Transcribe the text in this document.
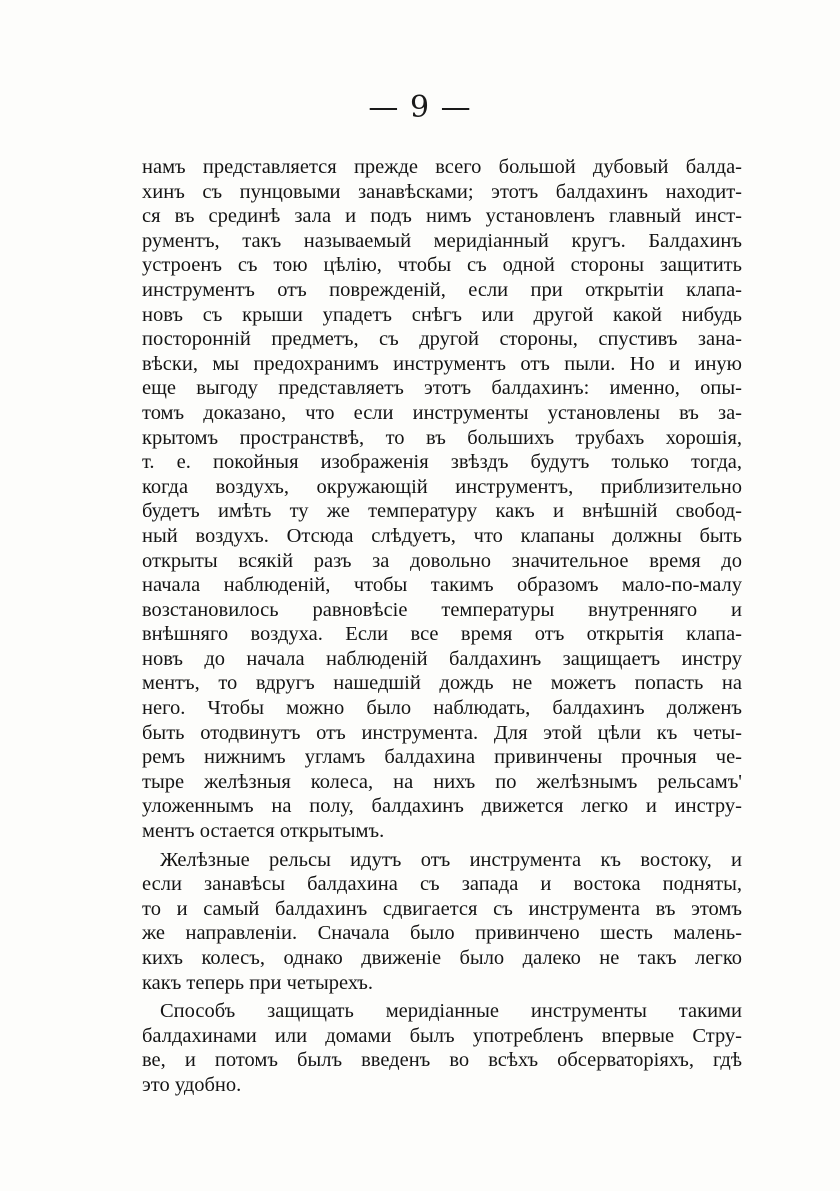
— 9 —
намъ представляется прежде всего большой дубовый балда-
хинъ съ пунцовыми занавѣсками; этотъ балдахинъ находит-
ся въ срединѣ зала и подъ нимъ установленъ главный инст-
рументъ, такъ называемый меридіанный кругъ. Балдахинъ
устроенъ съ тою цѣлію, чтобы съ одной стороны защитить
инструментъ отъ поврежденій, если при открытіи клапа-
новъ съ крыши упадетъ снѣгъ или другой какой нибудь
посторонній предметъ, съ другой стороны, спустивъ зана-
вѣски, мы предохранимъ инструментъ отъ пыли. Но и иную
еще выгоду представляетъ этотъ балдахинъ: именно, опы-
томъ доказано, что если инструменты установлены въ за-
крытомъ пространствѣ, то въ большихъ трубахъ хорошія,
т. е. покойныя изображенія звѣздъ будутъ только тогда,
когда воздухъ, окружающій инструментъ, приблизительно
будетъ имѣть ту же температуру какъ и внѣшній свобод-
ный воздухъ. Отсюда слѣдуетъ, что клапаны должны быть
открыты всякій разъ за довольно значительное время до
начала наблюденій, чтобы такимъ образомъ мало-по-малу
возстановилось равновѣсіе температуры внутренняго и
внѣшняго воздуха. Если все время отъ открытія клапа-
новъ до начала наблюденій балдахинъ защищаетъ инстру
ментъ, то вдругъ нашедшій дождь не можетъ попасть на
него. Чтобы можно было наблюдать, балдахинъ долженъ
быть отодвинутъ отъ инструмента. Для этой цѣли къ четы-
ремъ нижнимъ угламъ балдахина привинчены прочныя че-
тыре желѣзныя колеса, на нихъ по желѣзнымъ рельсамъ'
уложеннымъ на полу, балдахинъ движется легко и инстру-
ментъ остается открытымъ.
Желѣзные рельсы идутъ отъ инструмента къ востоку, и
если занавѣсы балдахина съ запада и востока подняты,
то и самый балдахинъ сдвигается съ инструмента въ этомъ
же направленіи. Сначала было привинчено шесть малень-
кихъ колесъ, однако движеніе было далеко не такъ легко
какъ теперь при четырехъ.
Способъ защищать меридіанные инструменты такими
балдахинами или домами былъ употребленъ впервые Стру-
ве, и потомъ былъ введенъ во всѣхъ обсерваторіяхъ, гдѣ
это удобно.
